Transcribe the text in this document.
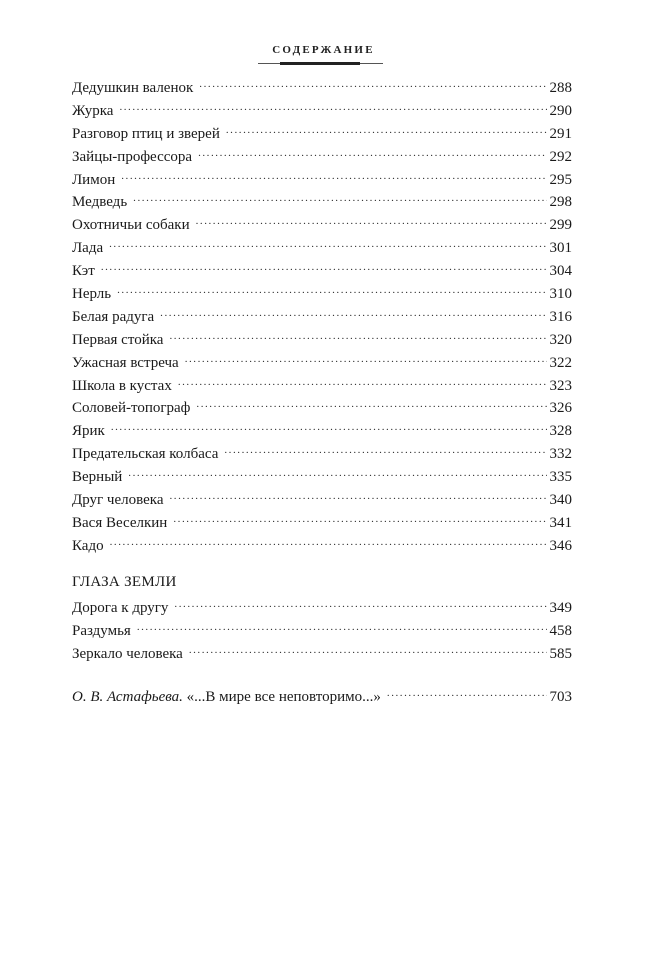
СОДЕРЖАНИЕ
Дедушкин валенок . . .	288
Журка . . .	290
Разговор птиц и зверей . . .	291
Зайцы-профессора . . .	292
Лимон . . .	295
Медведь . . .	298
Охотничьи собаки . . .	299
Лада . . .	301
Кэт . . .	304
Нерль . . .	310
Белая радуга . . .	316
Первая стойка . . .	320
Ужасная встреча . . .	322
Школа в кустах . . .	323
Соловей-топограф . . .	326
Ярик . . .	328
Предательская колбаса . . .	332
Верный . . .	335
Друг человека . . .	340
Вася Веселкин . . .	341
Кадо . . .	346
ГЛАЗА ЗЕМЛИ
Дорога к другу . . .	349
Раздумья . . .	458
Зеркало человека . . .	585
О. В. Астафьева. «...В мире все неповторимо...» . . .	703
